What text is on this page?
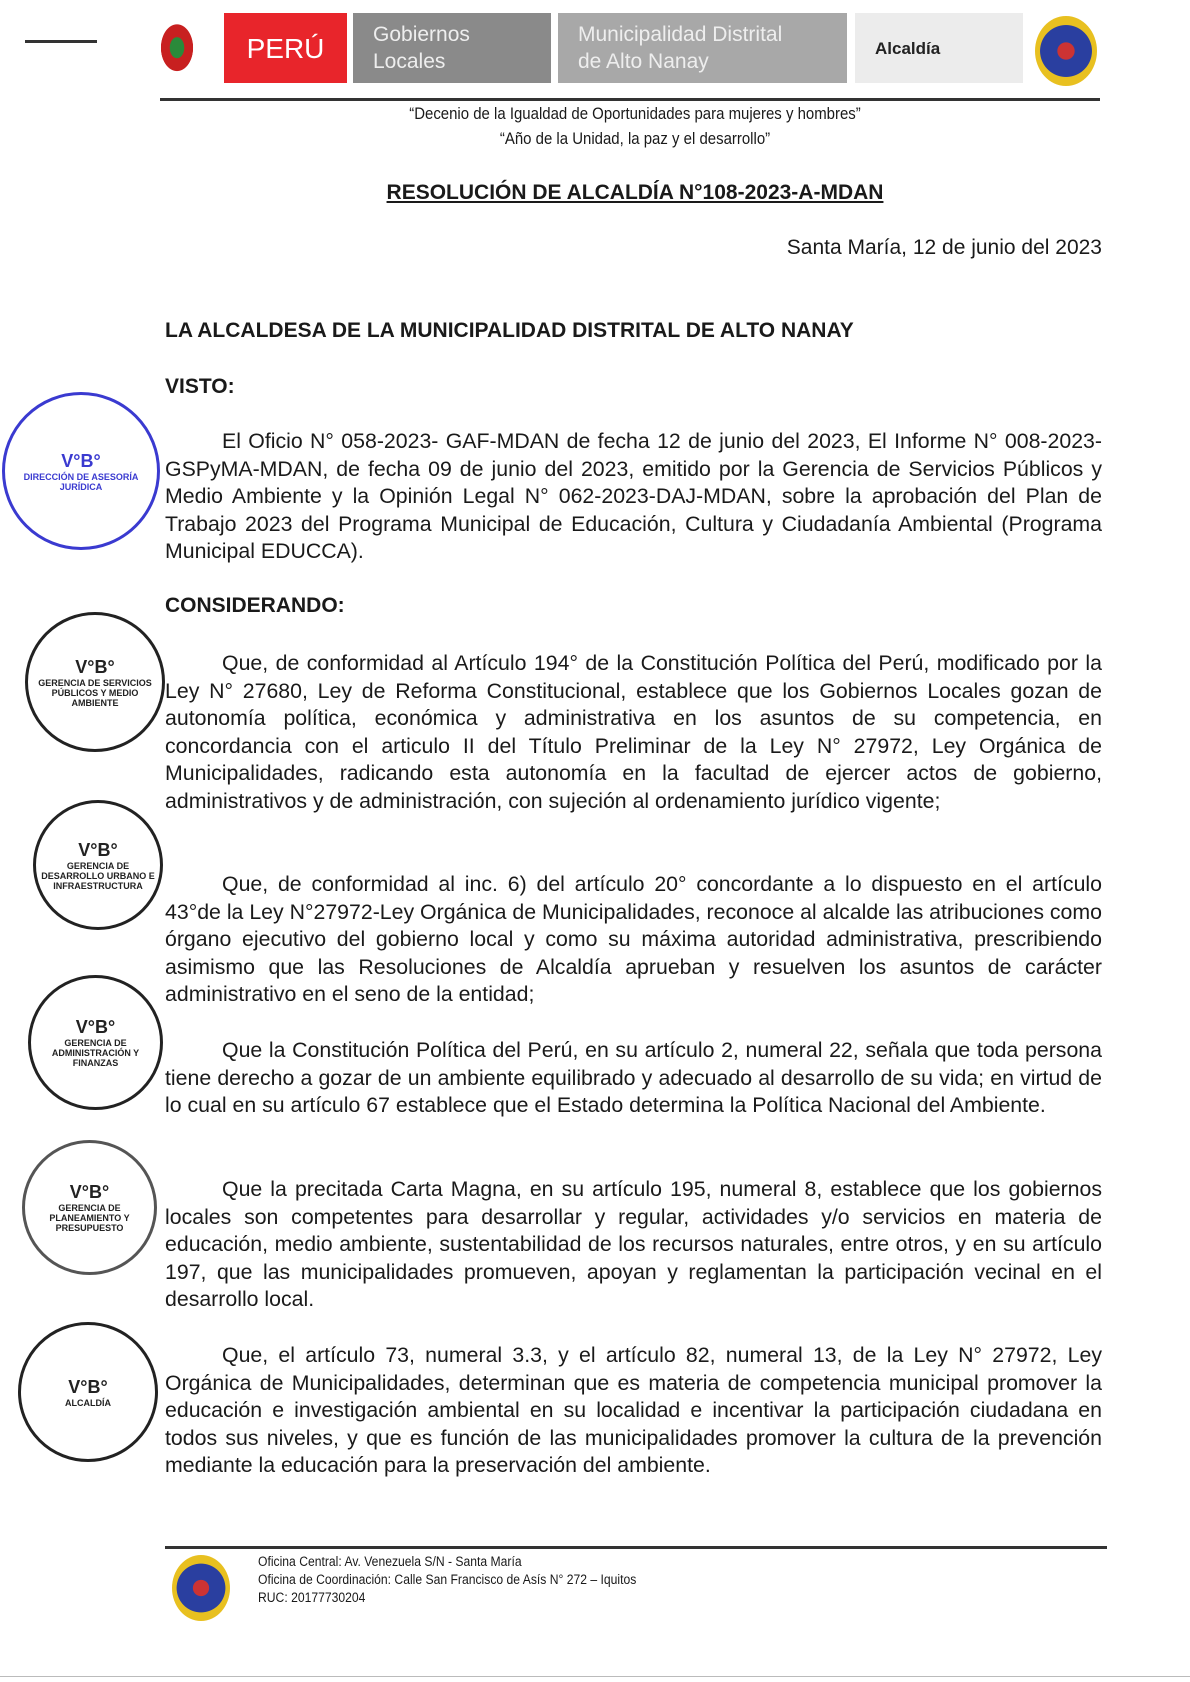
PERÚ	Gobiernos
Locales
Municipalidad Distrital
de Alto Nanay
Alcaldía
“Decenio de la Igualdad de Oportunidades para mujeres y hombres”
“Año de la Unidad, la paz y el desarrollo”
RESOLUCIÓN DE ALCALDÍA N°108-2023-A-MDAN
Santa María, 12 de junio del 2023
LA ALCALDESA DE LA MUNICIPALIDAD DISTRITAL DE ALTO NANAY
VISTO:
El Oficio N° 058-2023- GAF-MDAN de fecha 12 de junio del 2023, El Informe N° 008-2023-GSPyMA-MDAN, de fecha 09 de junio del 2023, emitido por la Gerencia de Servicios Públicos y Medio Ambiente y la Opinión Legal N° 062-2023-DAJ-MDAN, sobre la aprobación del Plan de Trabajo 2023 del Programa Municipal de Educación, Cultura y Ciudadanía Ambiental (Programa Municipal EDUCCA).
CONSIDERANDO:
Que, de conformidad al Artículo 194° de la Constitución Política del Perú, modificado por la Ley N° 27680, Ley de Reforma Constitucional, establece que los Gobiernos Locales gozan de autonomía política, económica y administrativa en los asuntos de su competencia, en concordancia con el articulo II del Título Preliminar de la Ley N° 27972, Ley Orgánica de Municipalidades, radicando esta autonomía en la facultad de ejercer actos de gobierno, administrativos y de administración, con sujeción al ordenamiento jurídico vigente;
Que, de conformidad al inc. 6) del artículo 20° concordante a lo dispuesto en el artículo 43°de la Ley N°27972-Ley Orgánica de Municipalidades, reconoce al alcalde las atribuciones como órgano ejecutivo del gobierno local y como su máxima autoridad administrativa, prescribiendo asimismo que las Resoluciones de Alcaldía aprueban y resuelven los asuntos de carácter administrativo en el seno de la entidad;
Que la Constitución Política del Perú, en su artículo 2, numeral 22, señala que toda persona tiene derecho a gozar de un ambiente equilibrado y adecuado al desarrollo de su vida; en virtud de lo cual en su artículo 67 establece que el Estado determina la Política Nacional del Ambiente.
Que la precitada Carta Magna, en su artículo 195, numeral 8, establece que los gobiernos locales son competentes para desarrollar y regular, actividades y/o servicios en materia de educación, medio ambiente, sustentabilidad de los recursos naturales, entre otros, y en su artículo 197, que las municipalidades promueven, apoyan y reglamentan la participación vecinal en el desarrollo local.
Que, el artículo 73, numeral 3.3, y el artículo 82, numeral 13, de la Ley N° 27972, Ley Orgánica de Municipalidades, determinan que es materia de competencia municipal promover la educación e investigación ambiental en su localidad e incentivar la participación ciudadana en todos sus niveles, y que es función de las municipalidades promover la cultura de la prevención mediante la educación para la preservación del ambiente.
V°B°
DIRECCIÓN DE ASESORÍA JURÍDICA
V°B°
GERENCIA DE SERVICIOS PÚBLICOS Y MEDIO AMBIENTE
V°B°
GERENCIA DE DESARROLLO URBANO E INFRAESTRUCTURA
V°B°
GERENCIA DE ADMINISTRACIÓN Y FINANZAS
V°B°
GERENCIA DE PLANEAMIENTO Y PRESUPUESTO
V°B°
ALCALDÍA
Oficina Central: Av. Venezuela S/N - Santa María
Oficina de Coordinación: Calle San Francisco de Asís N° 272 – Iquitos
RUC: 20177730204
